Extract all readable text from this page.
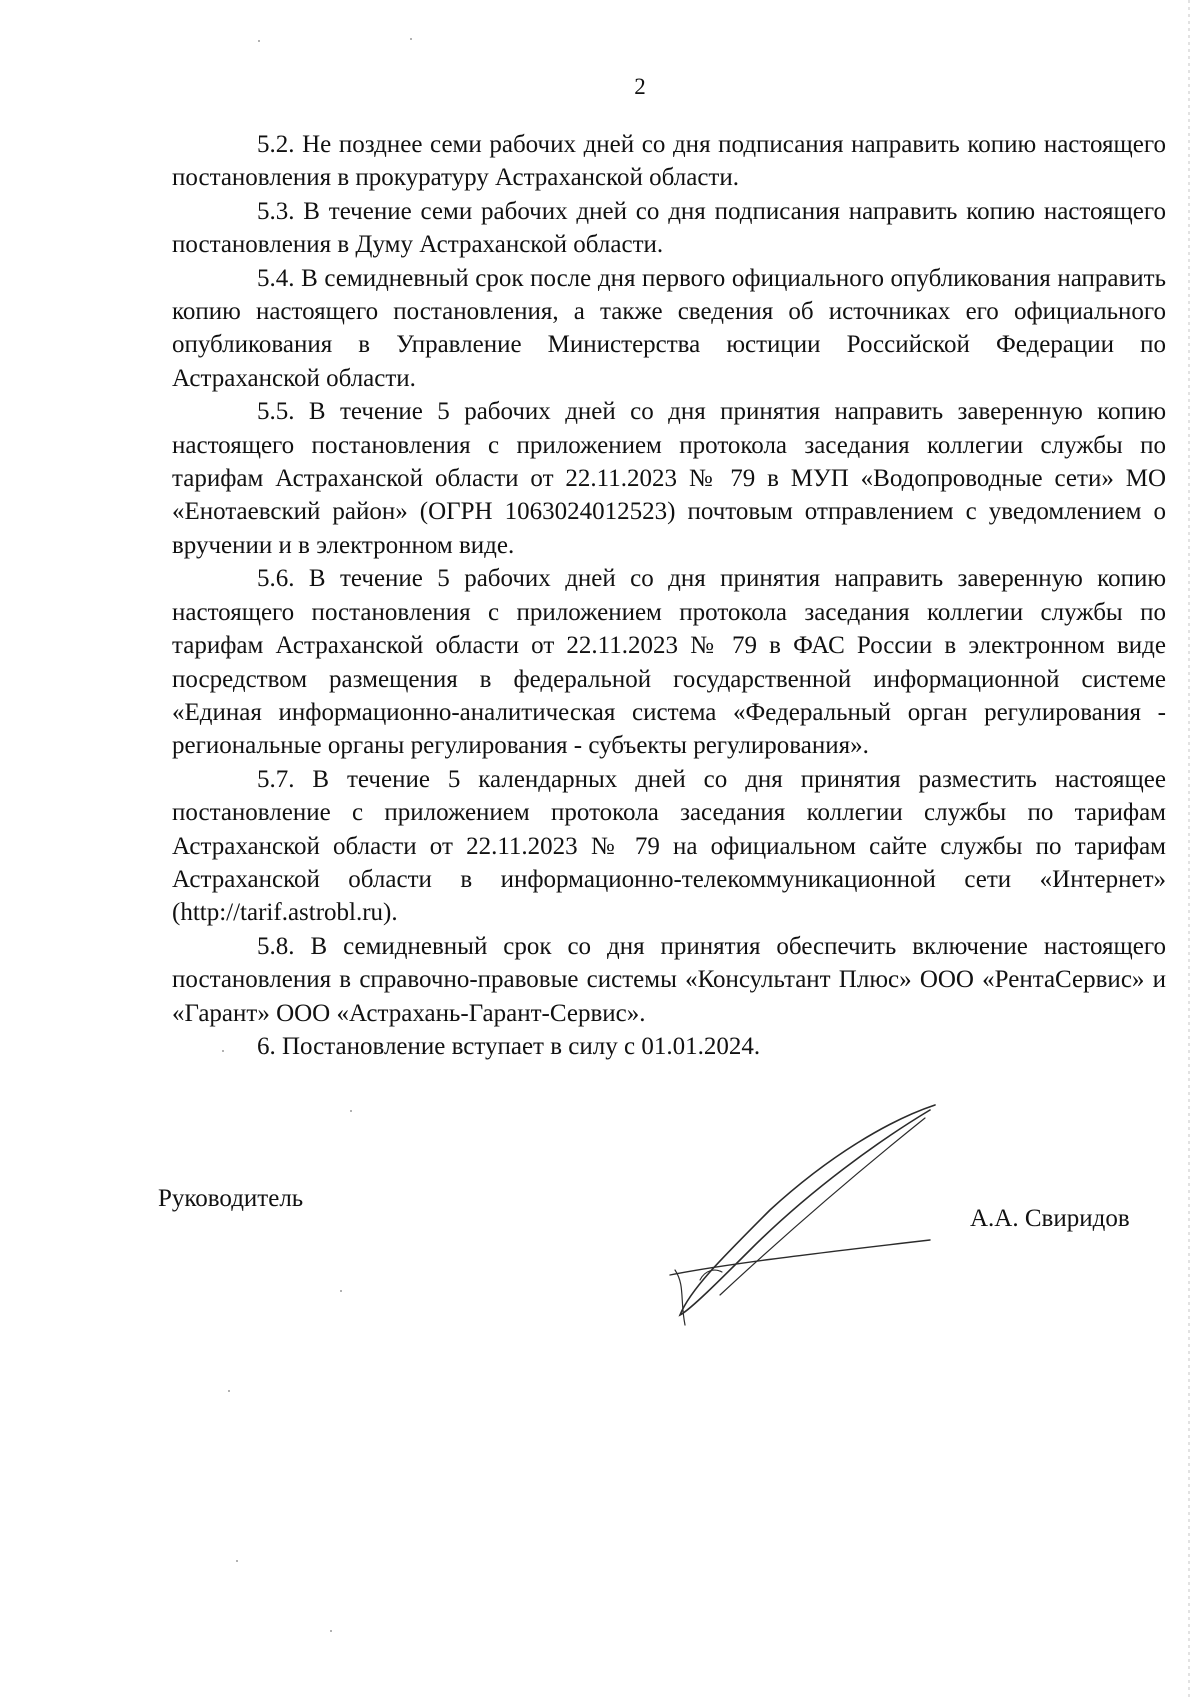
2

5.2. Не позднее семи рабочих дней со дня подписания направить копию настоящего постановления в прокуратуру Астраханской области.

5.3. В течение семи рабочих дней со дня подписания направить копию настоящего постановления в Думу Астраханской области.

5.4. В семидневный срок после дня первого официального опубликования направить копию настоящего постановления, а также сведения об источниках его официального опубликования в Управление Министерства юстиции Российской Федерации по Астраханской области.

5.5. В течение 5 рабочих дней со дня принятия направить заверенную копию настоящего постановления с приложением протокола заседания коллегии службы по тарифам Астраханской области от 22.11.2023 № 79 в МУП «Водопроводные сети» МО «Енотаевский район» (ОГРН 1063024012523) почтовым отправлением с уведомлением о вручении и в электронном виде.

5.6. В течение 5 рабочих дней со дня принятия направить заверенную копию настоящего постановления с приложением протокола заседания коллегии службы по тарифам Астраханской области от 22.11.2023 № 79 в ФАС России в электронном виде посредством размещения в федеральной государственной информационной системе «Единая информационно-аналитическая система «Федеральный орган регулирования - региональные органы регулирования - субъекты регулирования».

5.7. В течение 5 календарных дней со дня принятия разместить настоящее постановление с приложением протокола заседания коллегии службы по тарифам Астраханской области от 22.11.2023 № 79 на официальном сайте службы по тарифам Астраханской области в информационно-телекоммуникационной сети «Интернет» (http://tarif.astrobl.ru).

5.8. В семидневный срок со дня принятия обеспечить включение настоящего постановления в справочно-правовые системы «Консультант Плюс» ООО «РентаСервис» и «Гарант» ООО «Астрахань-Гарант-Сервис».

6. Постановление вступает в силу с 01.01.2024.

Руководитель
А.А. Свиридов
